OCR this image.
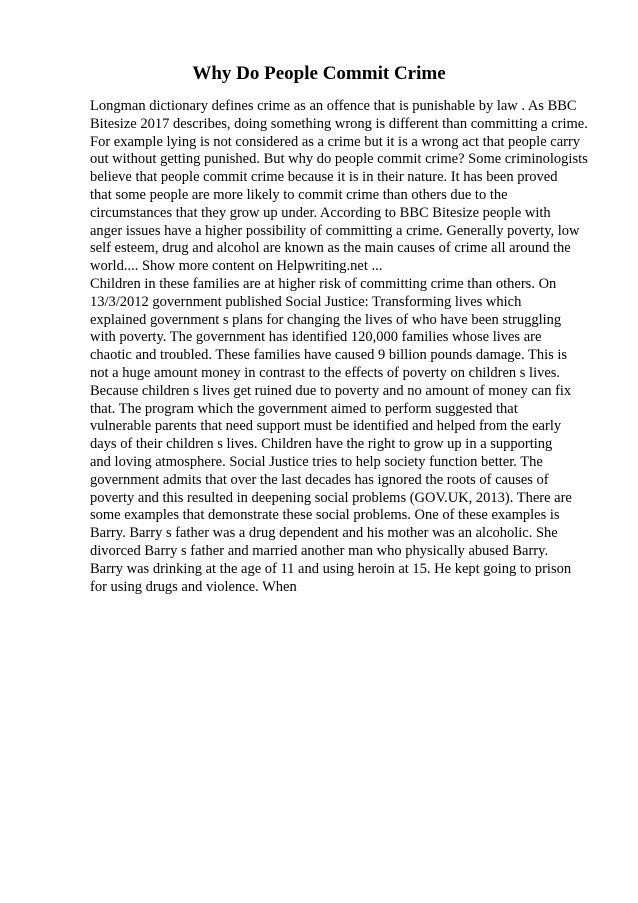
Why Do People Commit Crime
Longman dictionary defines crime as an offence that is punishable by law . As BBC
Bitesize 2017 describes, doing something wrong is different than committing a crime.
For example lying is not considered as a crime but it is a wrong act that people carry
out without getting punished. But why do people commit crime? Some criminologists
believe that people commit crime because it is in their nature. It has been proved
that some people are more likely to commit crime than others due to the
circumstances that they grow up under. According to BBC Bitesize people with
anger issues have a higher possibility of committing a crime. Generally poverty, low
self esteem, drug and alcohol are known as the main causes of crime all around the
world.... Show more content on Helpwriting.net ...
Children in these families are at higher risk of committing crime than others. On
13/3/2012 government published Social Justice: Transforming lives which
explained government s plans for changing the lives of who have been struggling
with poverty. The government has identified 120,000 families whose lives are
chaotic and troubled. These families have caused 9 billion pounds damage. This is
not a huge amount money in contrast to the effects of poverty on children s lives.
Because children s lives get ruined due to poverty and no amount of money can fix
that. The program which the government aimed to perform suggested that
vulnerable parents that need support must be identified and helped from the early
days of their children s lives. Children have the right to grow up in a supporting
and loving atmosphere. Social Justice tries to help society function better. The
government admits that over the last decades has ignored the roots of causes of
poverty and this resulted in deepening social problems (GOV.UK, 2013). There are
some examples that demonstrate these social problems. One of these examples is
Barry. Barry s father was a drug dependent and his mother was an alcoholic. She
divorced Barry s father and married another man who physically abused Barry.
Barry was drinking at the age of 11 and using heroin at 15. He kept going to prison
for using drugs and violence. When
